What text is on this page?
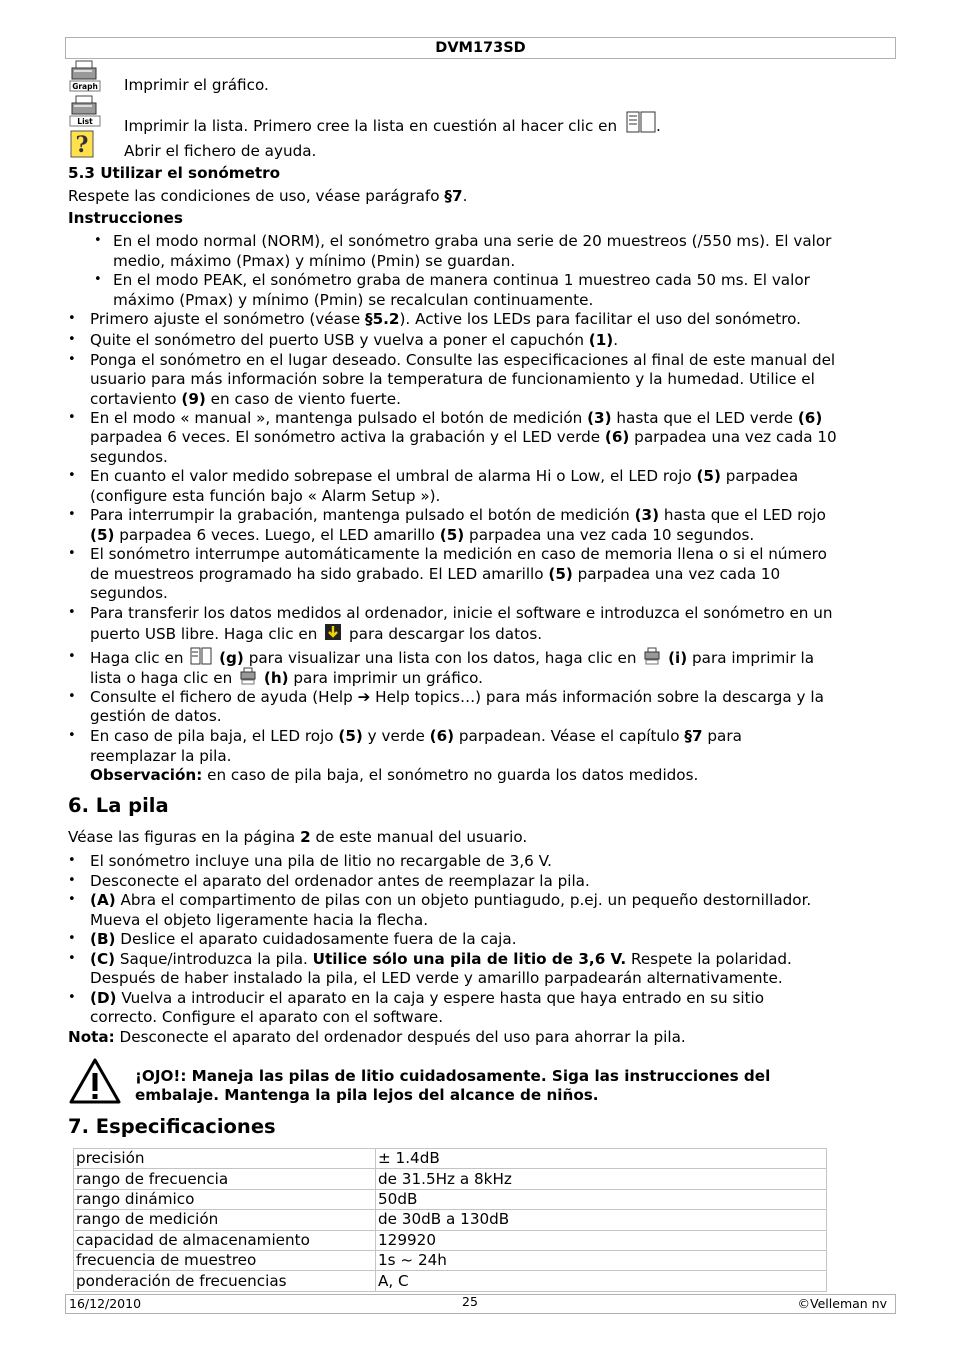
DVM173SD
Graph Imprimir el gráfico.
List Imprimir la lista. Primero cree la lista en cuestión al hacer clic en	.
? Abrir el fichero de ayuda.
5.3 Utilizar el sonómetro
Respete las condiciones de uso, véase parágrafo §7.
Instrucciones
• En el modo normal (NORM), el sonómetro graba una serie de 20 muestreos (/550 ms). El valor
medio, máximo (Pmax) y mínimo (Pmin) se guardan.
• En el modo PEAK, el sonómetro graba de manera continua 1 muestreo cada 50 ms. El valor
máximo (Pmax) y mínimo (Pmin) se recalculan continuamente.
• Primero ajuste el sonómetro (véase §5.2). Active los LEDs para facilitar el uso del sonómetro.
• Quite el sonómetro del puerto USB y vuelva a poner el capuchón (1).
• Ponga el sonómetro en el lugar deseado. Consulte las especificaciones al final de este manual del
usuario para más información sobre la temperatura de funcionamiento y la humedad. Utilice el
cortaviento (9) en caso de viento fuerte.
• En el modo « manual », mantenga pulsado el botón de medición (3) hasta que el LED verde (6)
parpadea 6 veces. El sonómetro activa la grabación y el LED verde (6) parpadea una vez cada 10
segundos.
• En cuanto el valor medido sobrepase el umbral de alarma Hi o Low, el LED rojo (5) parpadea
(configure esta función bajo « Alarm Setup »).
• Para interrumpir la grabación, mantenga pulsado el botón de medición (3) hasta que el LED rojo
(5) parpadea 6 veces. Luego, el LED amarillo (5) parpadea una vez cada 10 segundos.
• El sonómetro interrumpe automáticamente la medición en caso de memoria llena o si el número
de muestreos programado ha sido grabado. El LED amarillo (5) parpadea una vez cada 10
segundos.
• Para transferir los datos medidos al ordenador, inicie el software e introduzca el sonómetro en un
puerto USB libre. Haga clic en para descargar los datos.
• Haga clic en (g) para visualizar una lista con los datos, haga clic en (i) para imprimir la
lista o haga clic en (h) para imprimir un gráfico.
• Consulte el fichero de ayuda (Help ➔ Help topics…) para más información sobre la descarga y la
gestión de datos.
• En caso de pila baja, el LED rojo (5) y verde (6) parpadean. Véase el capítulo §7 para
reemplazar la pila.
Observación: en caso de pila baja, el sonómetro no guarda los datos medidos.
6. La pila
Véase las figuras en la página 2 de este manual del usuario.
• El sonómetro incluye una pila de litio no recargable de 3,6 V.
• Desconecte el aparato del ordenador antes de reemplazar la pila.
• (A) Abra el compartimento de pilas con un objeto puntiagudo, p.ej. un pequeño destornillador.
Mueva el objeto ligeramente hacia la flecha.
• (B) Deslice el aparato cuidadosamente fuera de la caja.
• (C) Saque/introduzca la pila. Utilice sólo una pila de litio de 3,6 V. Respete la polaridad.
Después de haber instalado la pila, el LED verde y amarillo parpadearán alternativamente.
• (D) Vuelva a introducir el aparato en la caja y espere hasta que haya entrado en su sitio
correcto. Configure el aparato con el software.
Nota: Desconecte el aparato del ordenador después del uso para ahorrar la pila.
¡OJO!: Maneja las pilas de litio cuidadosamente. Siga las instrucciones del
embalaje. Mantenga la pila lejos del alcance de niños.
7. Especificaciones
precisión	± 1.4dB
rango de frecuencia	de 31.5Hz a 8kHz
rango dinámico	50dB
rango de medición	de 30dB a 130dB
capacidad de almacenamiento	129920
frecuencia de muestreo	1s ~ 24h
ponderación de frecuencias	A, C
16/12/2010	25	©Velleman nv
